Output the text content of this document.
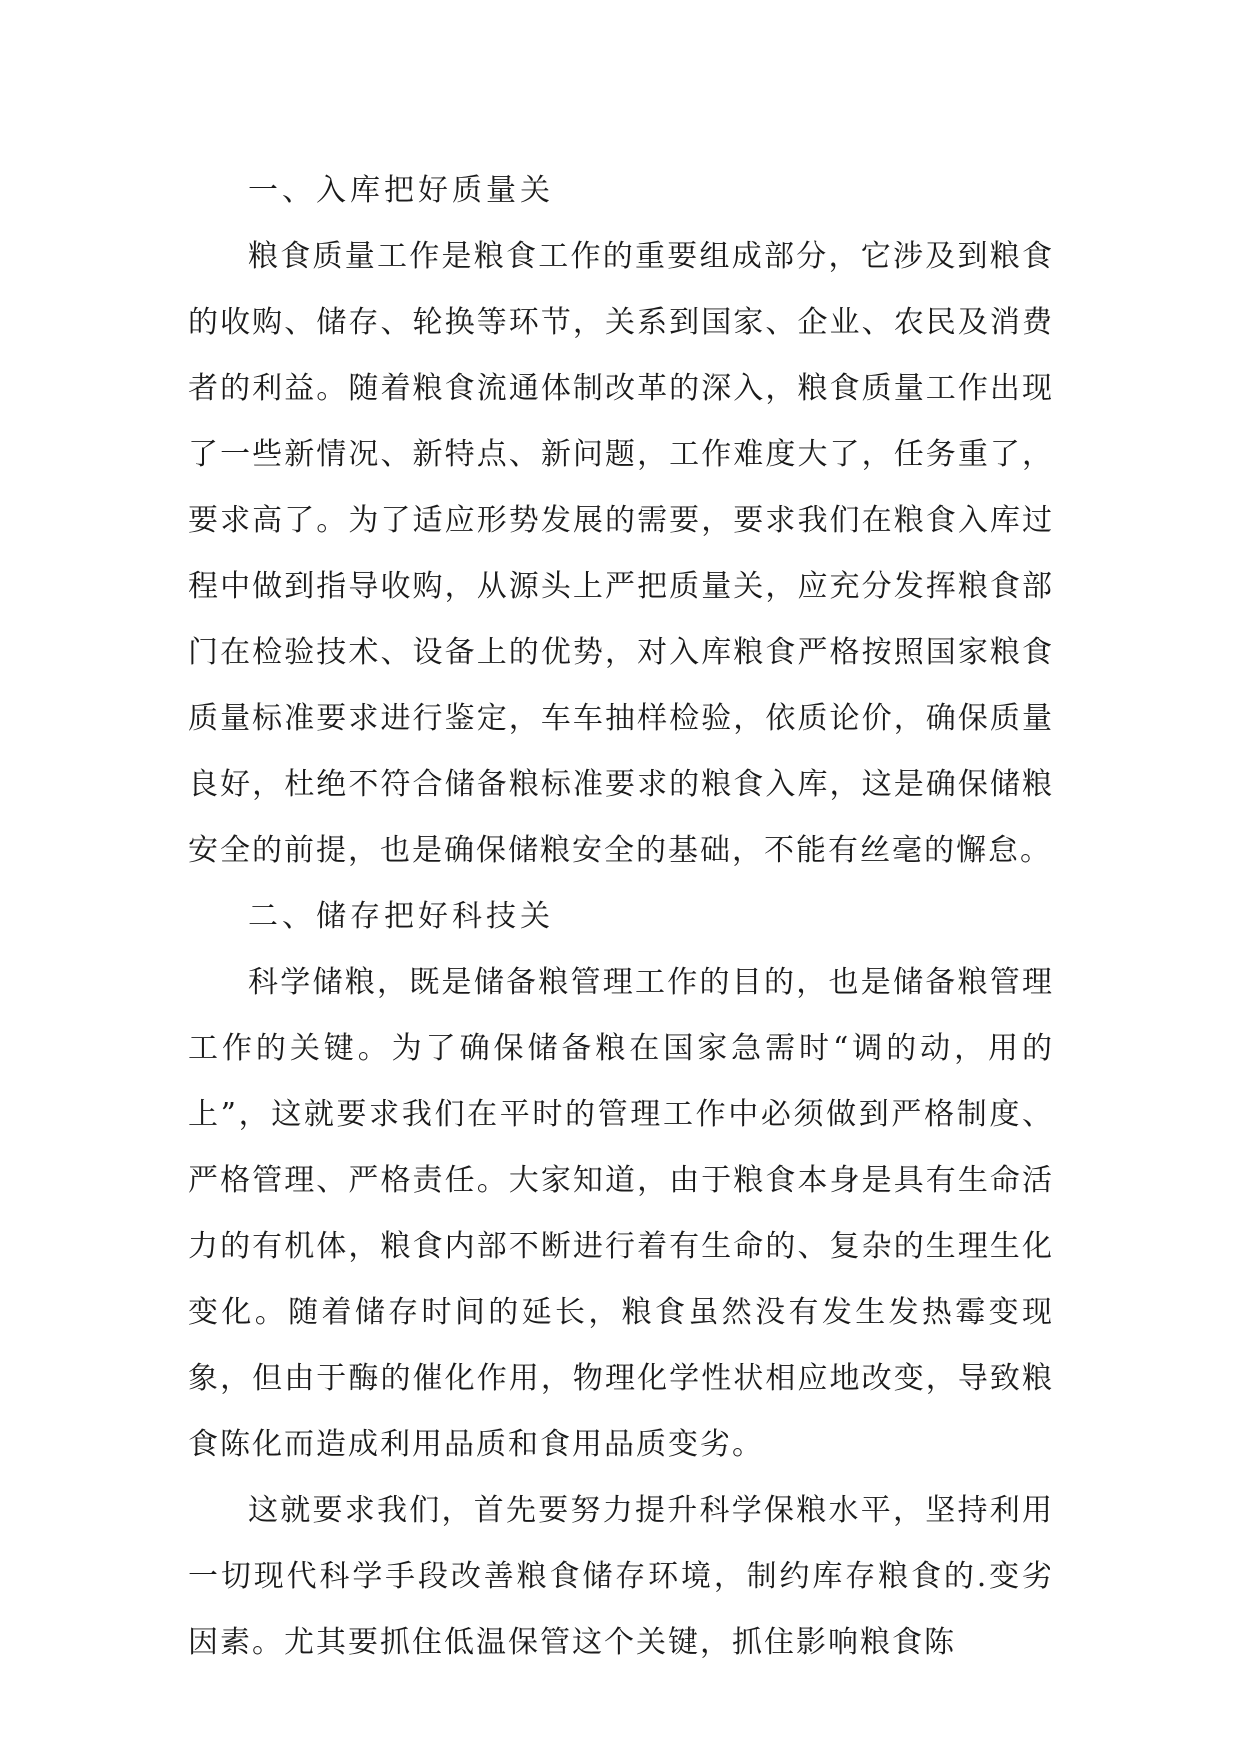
一、入库把好质量关

粮食质量工作是粮食工作的重要组成部分，它涉及到粮食的收购、储存、轮换等环节，关系到国家、企业、农民及消费者的利益。随着粮食流通体制改革的深入，粮食质量工作出现了一些新情况、新特点、新问题，工作难度大了，任务重了，要求高了。为了适应形势发展的需要，要求我们在粮食入库过程中做到指导收购，从源头上严把质量关，应充分发挥粮食部门在检验技术、设备上的优势，对入库粮食严格按照国家粮食质量标准要求进行鉴定，车车抽样检验，依质论价，确保质量良好，杜绝不符合储备粮标准要求的粮食入库，这是确保储粮安全的前提，也是确保储粮安全的基础，不能有丝毫的懈怠。

二、储存把好科技关

科学储粮，既是储备粮管理工作的目的，也是储备粮管理工作的关键。为了确保储备粮在国家急需时“调的动，用的上”，这就要求我们在平时的管理工作中必须做到严格制度、严格管理、严格责任。大家知道，由于粮食本身是具有生命活力的有机体，粮食内部不断进行着有生命的、复杂的生理生化变化。随着储存时间的延长，粮食虽然没有发生发热霉变现象，但由于酶的催化作用，物理化学性状相应地改变，导致粮食陈化而造成利用品质和食用品质变劣。

这就要求我们，首先要努力提升科学保粮水平，坚持利用一切现代科学手段改善粮食储存环境，制约库存粮食的.变劣因素。尤其要抓住低温保管这个关键，抓住影响粮食陈
